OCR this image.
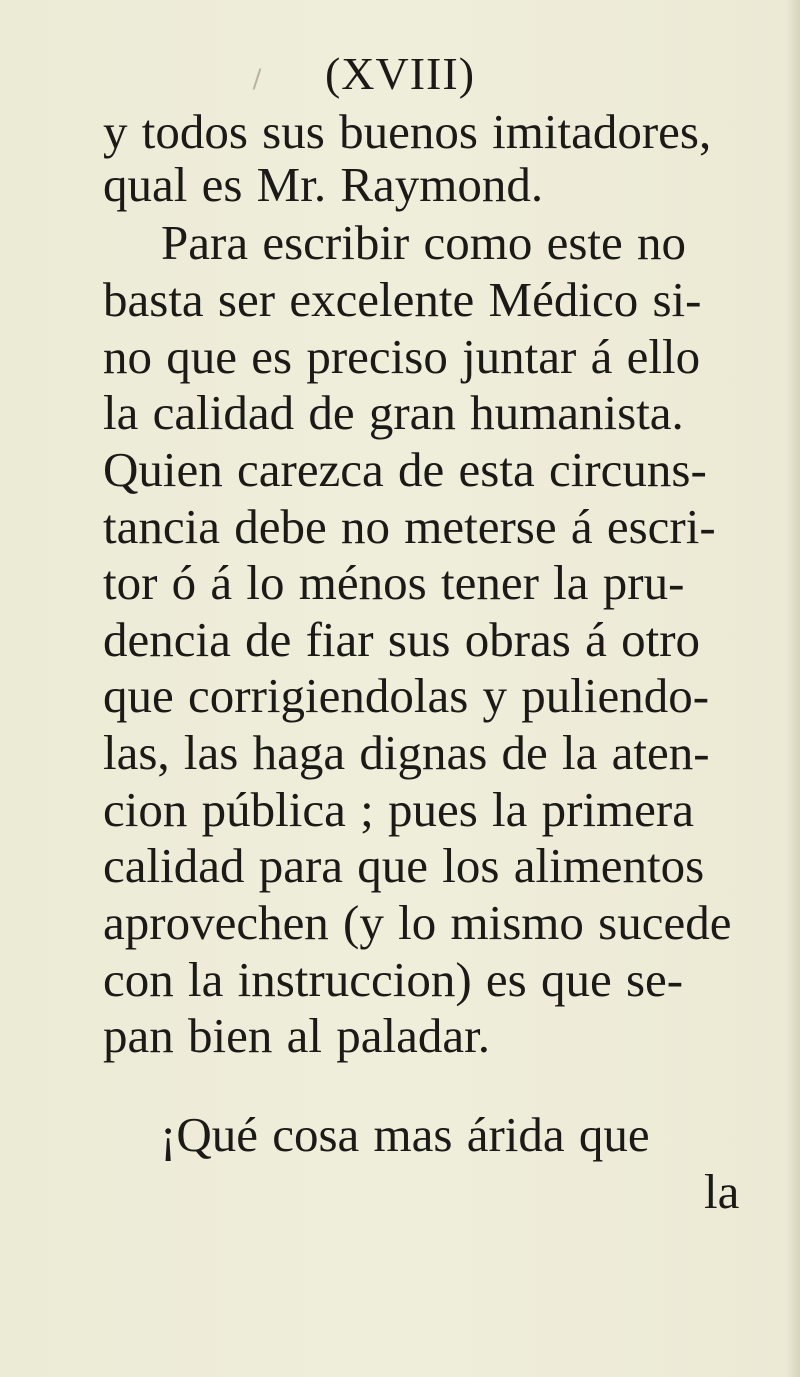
(XVIII)
y todos sus buenos imitadores,
qual es Mr. Raymond.
Para escribir como este no
basta ser excelente Médico si-
no que es preciso juntar á ello
la calidad de gran humanista.
Quien carezca de esta circuns-
tancia debe no meterse á escri-
tor ó á lo ménos tener la pru-
dencia de fiar sus obras á otro
que corrigiendolas y puliendo-
las, las haga dignas de la aten-
cion pública ; pues la primera
calidad para que los alimentos
aprovechen (y lo mismo sucede
con la instruccion) es que se-
pan bien al paladar.
¡Qué cosa mas árida que
la
